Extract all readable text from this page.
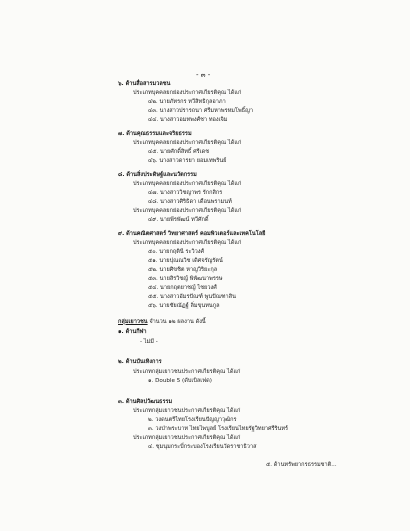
- ๓ -
๖. ด้านสื่อสารมวลชน
ประเภทบุคคลยกย่องประกาศเกียรติคุณ ได้แก่
๔๒. นายภัทรกร ทวีสิทธิกุลอาภา
๔๓. นางสาวปรารถนา ศรีมหาพรหมโพธิ์ญา
๔๔. นางสาวอมทพงศ์ชา ทองเจิม
๗. ด้านคุณธรรมและจริยธรรม
ประเภทบุคคลยกย่องประกาศเกียรติคุณ ได้แก่
๔๕. นายศักดิ์สิทธิ์ ศรีเดช
๔๖. นางสาวดารยา ยอมเทพรินย์
๘. ด้านสิ่งประดิษฐ์และนวัตกรรม
ประเภทบุคคลยกย่องประกาศเกียรติคุณ ได้แก่
๔๗. นางสาววิชญาพร รักกสิกร
๔๘. นางสาวศิริธิดา เดือนพรามนท์
ประเภทบุคคลยกย่องประกาศเกียรติคุณ ได้แก่
๔๙. นายพีรพัฒน์ ทวีศักดิ์
๙. ด้านคณิตศาสตร์ วิทยาศาสตร์ คอมพิวเตอร์และเทคโนโลยี
ประเภทบุคคลยกย่องประกาศเกียรติคุณ ได้แก่
๕๐. นายกฤตินี ระวิวงศ์
๕๑. นายปุณณวิช เดิศจรัญรัตน์
๕๒. นายศิขชิต หาญวิริยะกุล
๕๓. นายสิรวิชญ์ พิพัฒนาพรรษ
๕๔. นายกฤตยาชญ์ ไชยวงศ์
๕๕. นางสาวอัมรปัณฑ์ พูนปัณฑาสิน
๕๖. นายชัยณัฏฐ์ ลิ่มขุนทนกูล
กลุ่มเยาวชน จำนวน ๑๒ ผลงาน ดังนี้
๑. ด้านกีฬา
- ไม่มี -
๒. ด้านบันเทิงการ
ประเภทกลุ่มเยาวชนประกาศเกียรติคุณ ได้แก่
๑. Double 5 (ดับเบิลเฟด)
๓. ด้านศิลปวัฒนธรรม
ประเภทกลุ่มเยาวชนประกาศเกียรติคุณ ได้แก่
๒. วงดนตรีไทยโรงเรียนปัญญาวุฒิกร
๓. วงป่าพระบาท ไทยไพบูลย์ โรงเรียนไทยรัฐวิทยาศรีรินทร์
ประเภทกลุ่มเยาวชนประกาศเกียรติคุณ ได้แก่
๔. ชุมนุมกระบี่กระบองโรงเรียนวัดราชาธิวาส
๕. ด้านทรัพยากรธรรมชาติ...
